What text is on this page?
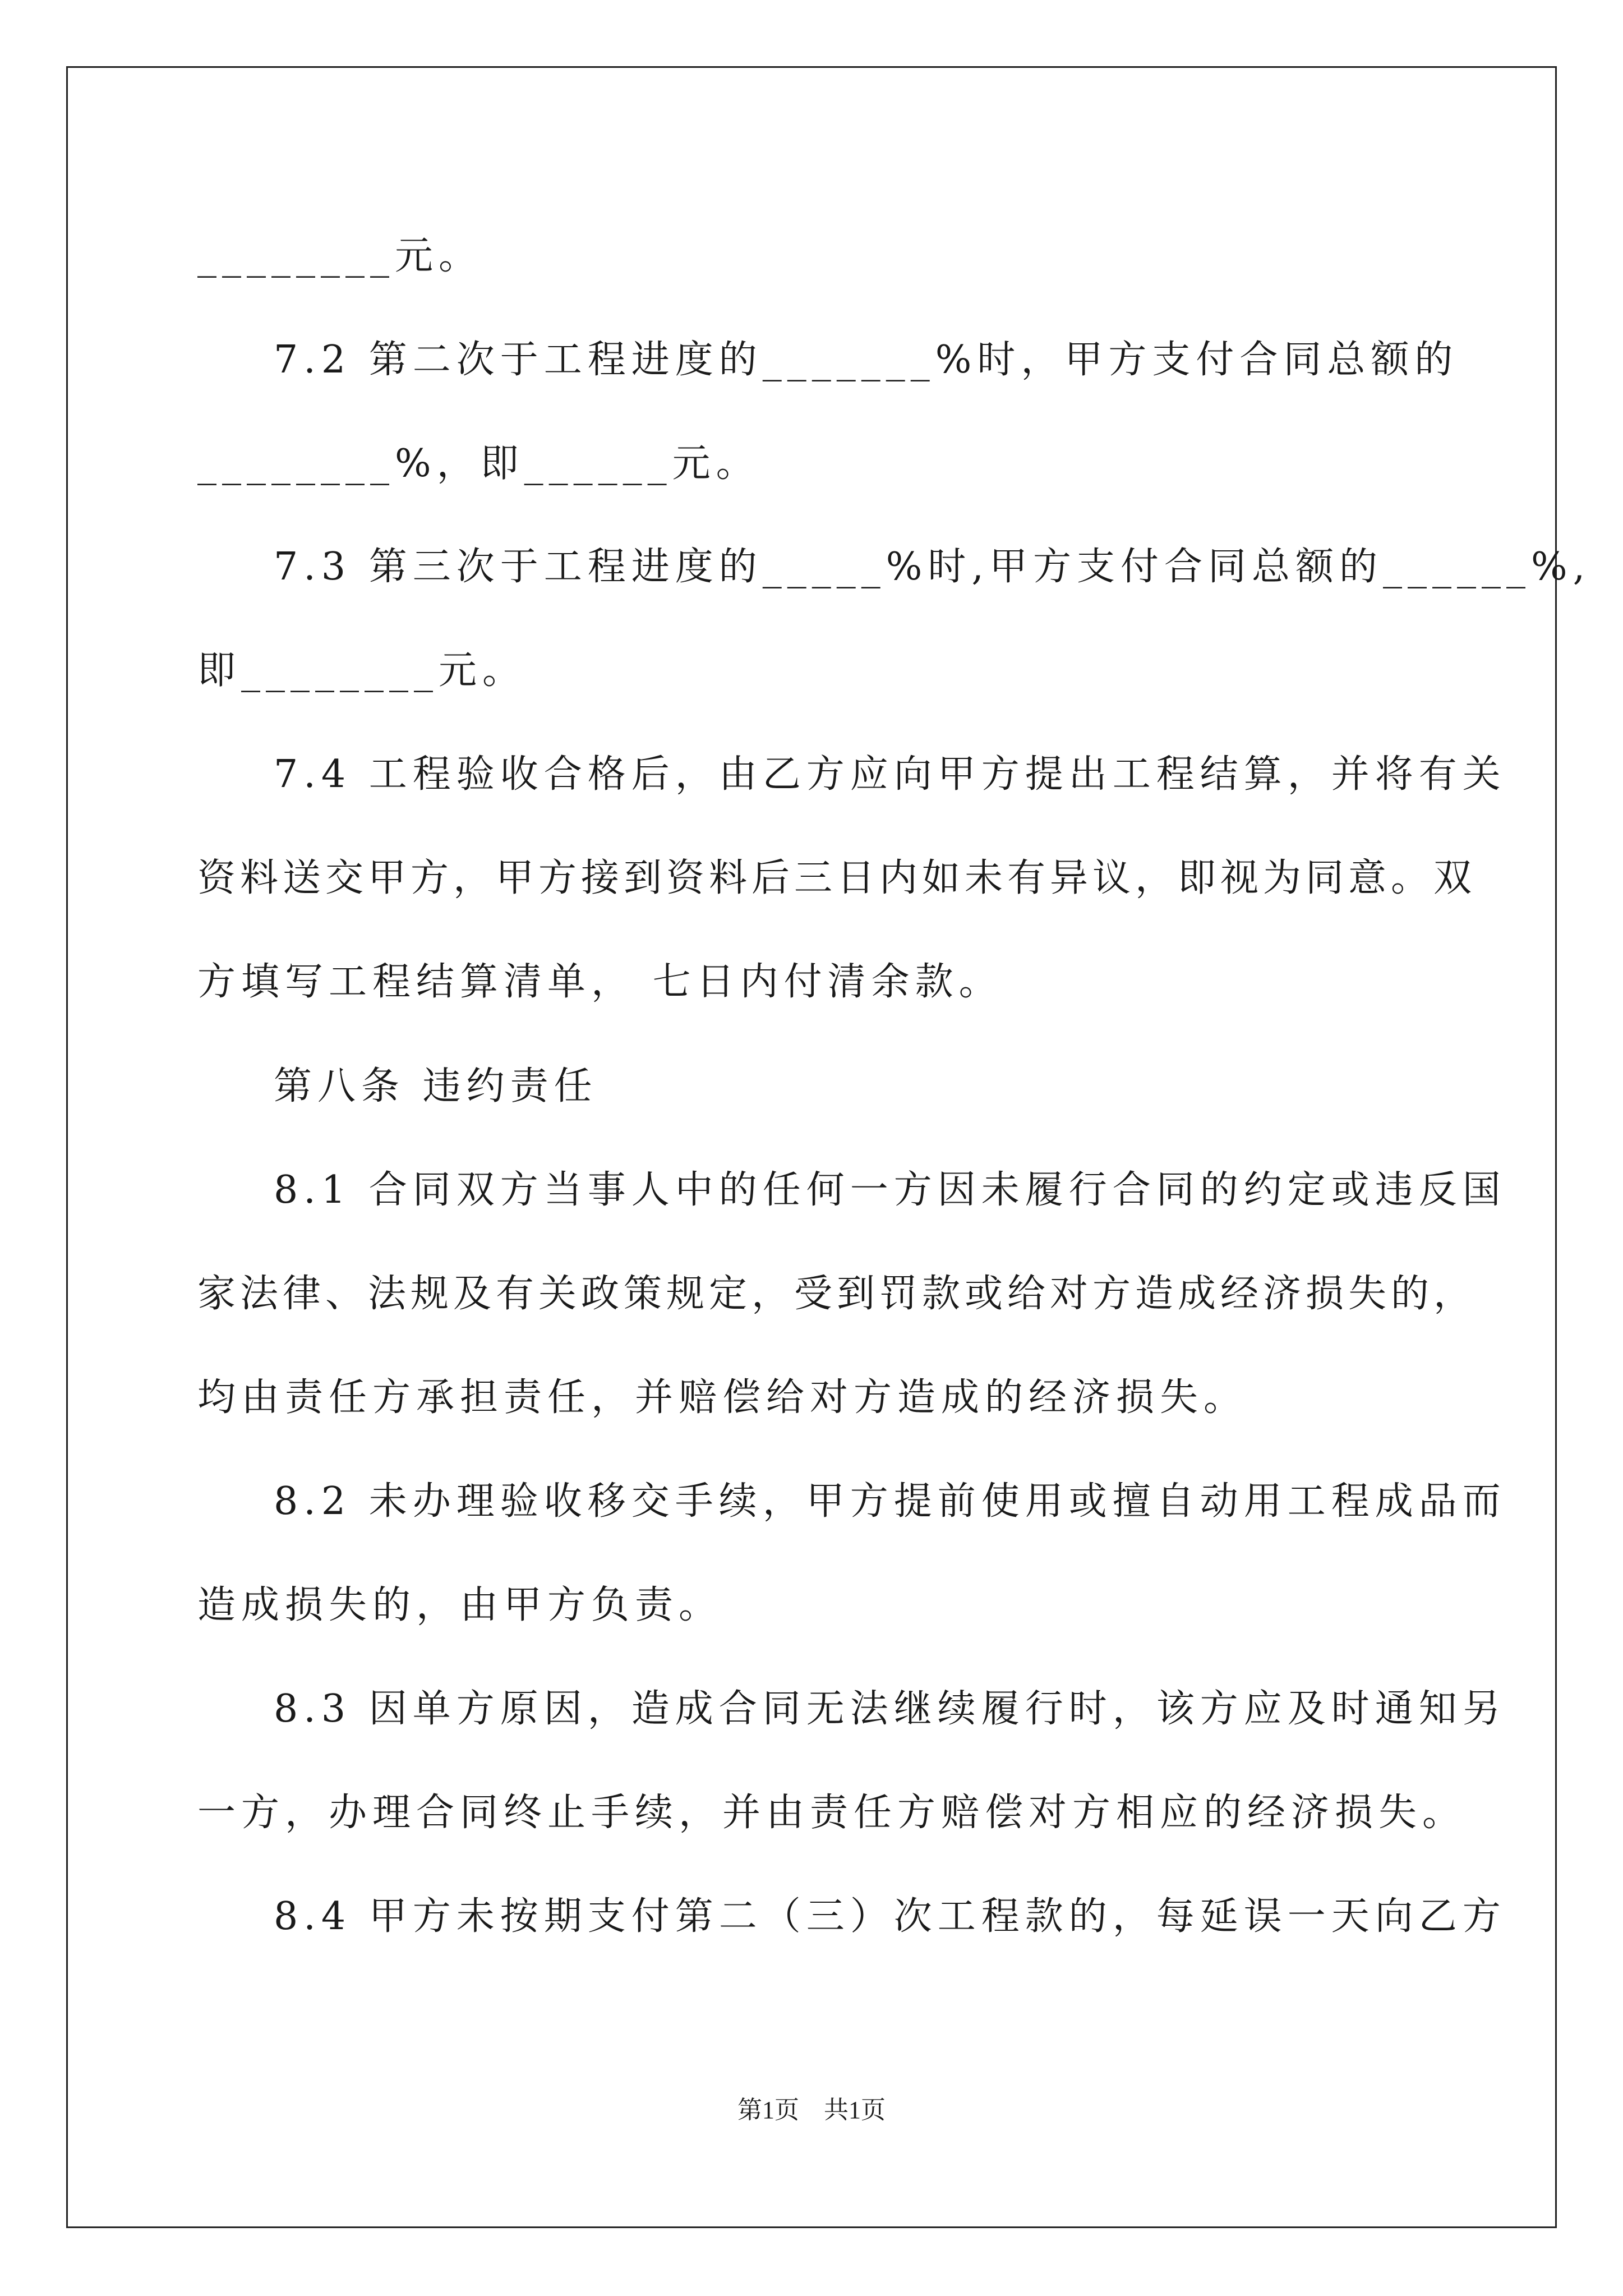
________元。
7.2 第二次于工程进度的_______%时，甲方支付合同总额的
________%，即______元。
7.3 第三次于工程进度的_____%时,甲方支付合同总额的______%,
即________元。
7.4 工程验收合格后，由乙方应向甲方提出工程结算，并将有关
资料送交甲方，甲方接到资料后三日内如未有异议，即视为同意。双
方填写工程结算清单， 七日内付清余款。
第八条 违约责任
8.1 合同双方当事人中的任何一方因未履行合同的约定或违反国
家法律、法规及有关政策规定，受到罚款或给对方造成经济损失的，
均由责任方承担责任，并赔偿给对方造成的经济损失。
8.2 未办理验收移交手续，甲方提前使用或擅自动用工程成品而
造成损失的，由甲方负责。
8.3 因单方原因，造成合同无法继续履行时，该方应及时通知另
一方，办理合同终止手续，并由责任方赔偿对方相应的经济损失。
8.4 甲方未按期支付第二（三）次工程款的，每延误一天向乙方
第1页　共1页
